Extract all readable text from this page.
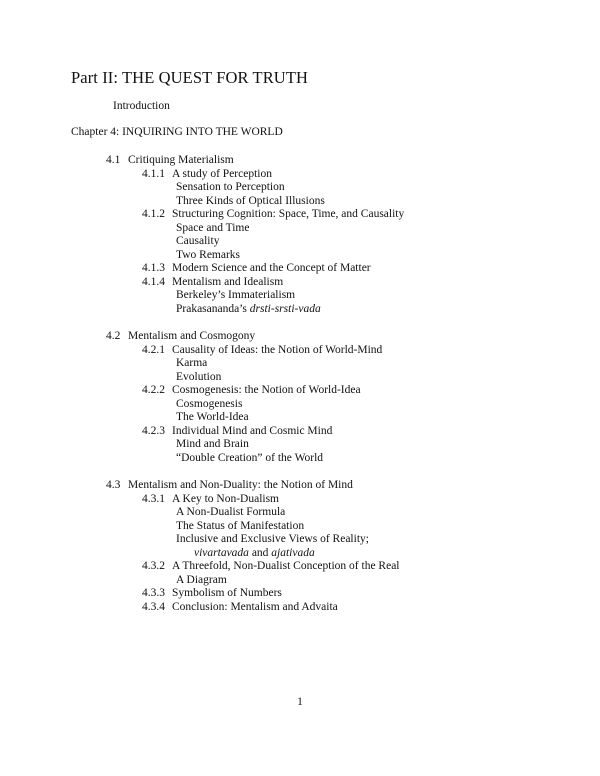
Part II: THE QUEST FOR TRUTH
Introduction
Chapter 4: INQUIRING INTO THE WORLD
4.1 Critiquing Materialism
4.1.1 A study of Perception
Sensation to Perception
Three Kinds of Optical Illusions
4.1.2 Structuring Cognition: Space, Time, and Causality
Space and Time
Causality
Two Remarks
4.1.3 Modern Science and the Concept of Matter
4.1.4 Mentalism and Idealism
Berkeley’s Immaterialism
Prakasananda’s drsti-srsti-vada
4.2 Mentalism and Cosmogony
4.2.1 Causality of Ideas: the Notion of World-Mind
Karma
Evolution
4.2.2 Cosmogenesis: the Notion of World-Idea
Cosmogenesis
The World-Idea
4.2.3 Individual Mind and Cosmic Mind
Mind and Brain
“Double Creation” of the World
4.3 Mentalism and Non-Duality: the Notion of Mind
4.3.1 A Key to Non-Dualism
A Non-Dualist Formula
The Status of Manifestation
Inclusive and Exclusive Views of Reality;
vivartavada and ajativada
4.3.2 A Threefold, Non-Dualist Conception of the Real
A Diagram
4.3.3 Symbolism of Numbers
4.3.4 Conclusion: Mentalism and Advaita
1
